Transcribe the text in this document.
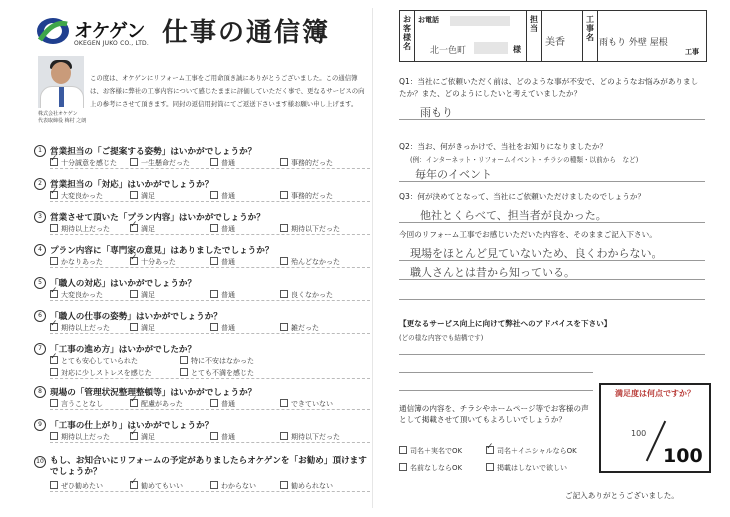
オケゲン
OKEGEN JUKO CO., LTD. 仕事の通信簿
株式会社オケゲン
代表取締役 梅村 之朗
この度は、オケゲンにリフォーム工事をご用命頂き誠にありがとうございました。この通信簿は、お客様に弊社の工事内容について感じたままに評価していただく事で、更なるサービスの向上の参考にさせて頂きます。同封の返信用封筒にてご返送下さいます様お願い申し上げます。
1 営業担当の「ご提案する姿勢」はいかがでしょうか？
✓十分誠意を感じた	一生懸命だった	普通	事務的だった
2 営業担当の「対応」はいかがでしょうか？
✓大変良かった	満足	普通	事務的だった
3 営業させて頂いた「プラン内容」はいかがでしょうか？
期待以上だった ✓	満足	普通	期待以下だった
4 プラン内容に「専門家の意見」はありましたでしょうか？
かなりあった ✓	十分あった	普通	殆んどなかった
5 「職人の対応」はいかがでしょうか？
✓大変良かった	満足	普通	良くなかった
6 「職人の仕事の姿勢」はいかがでしょうか？
✓期待以上だった	満足	普通	雑だった
7 「工事の進め方」はいかがでしたか？
✓とても安心していられた	特に不安はなかった
対応に少しストレスを感じた	とても不満を感じた
8 現場の「管理状況整理整頓等」はいかがでしょうか？
言うことなし ✓	配慮があった	普通	できていない
9 「工事の仕上がり」はいかがでしょうか？
期待以上だった ✓	満足	普通	期待以下だった
10 もし、お知合いにリフォームの予定がありましたらオケゲンを「お勧め」頂けますでしょうか？
ぜひ勧めたい ✓	勧めてもいい	わからない	勧められない
お客様名
お電話
北一色町	様
担当
美香
工事名
雨もり 外壁 屋根
工事
Q1：当社にご依頼いただく前は、どのような事が不安で、どのようなお悩みがありましたか？また、どのようにしたいと考えていましたか？
雨もり
Q2：当お、何がきっかけで、当社をお知りになりましたか？
(例：インターネット・リフォームイベント・チラシの種類・以前から　など)
毎年のイベント
Q3：何が決めてとなって、当社にご依頼いただけましたのでしょうか？
他社とくらべて、担当者が良かった。
今回のリフォーム工事でお感じいただいた内容を、そのままご記入下さい。
現場をほとんど見ていないため、良くわからない。
職人さんとは昔から知っている。
【更なるサービス向上に向けて弊社へのアドバイスを下さい】
(どの様な内容でも結構です)
通信簿の内容を、チラシやホームページ等でお客様の声として掲載させて頂いてもよろしいでしょうか？
司名＋実名でOK ✓	司名＋イニシャルならOK
名前なしならOK	掲載はしないで欲しい
満足度は何点ですか？
100
100
ご記入ありがとうございました。
